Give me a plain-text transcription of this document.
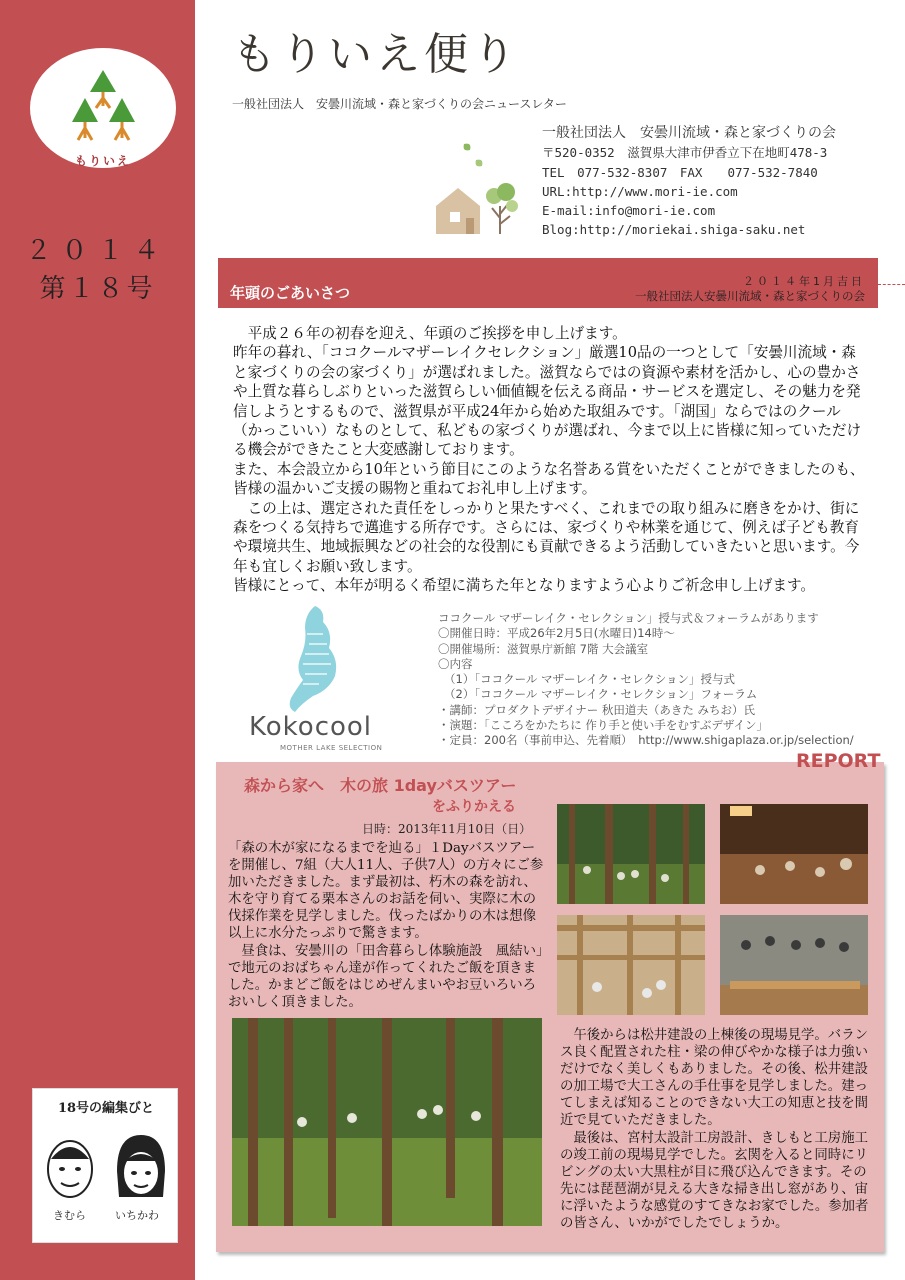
もりいえ
２０１４
第１８号
18号の編集びと
きむら	いちかわ
もりいえ便り
一般社団法人　安曇川流域・森と家づくりの会ニュースレター
一般社団法人　安曇川流域・森と家づくりの会
〒520-0352　滋賀県大津市伊香立下在地町478-3
TEL　077-532-8307　FAX　　077-532-7840
URL:http://www.mori-ie.com
E-mail:info@mori-ie.com
Blog:http://moriekai.shiga-saku.net
年頭のごあいさつ
２０１４年1月吉日
一般社団法人安曇川流域・森と家づくりの会

　平成２６年の初春を迎え、年頭のご挨拶を申し上げます。

昨年の暮れ、「ココクールマザーレイクセレクション」厳選10品の一つとして「安曇川流域・森と家づくりの会の家づくり」が選ばれました。滋賀ならではの資源や素材を活かし、心の豊かさや上質な暮らしぶりといった滋賀らしい価値観を伝える商品・サービスを選定し、その魅力を発信しようとするもので、滋賀県が平成24年から始めた取組みです。「湖国」ならではのクール（かっこいい）なものとして、私どもの家づくりが選ばれ、今まで以上に皆様に知っていただける機会ができたこと大変感謝しております。

また、本会設立から10年という節目にこのような名誉ある賞をいただくことができましたのも、皆様の温かいご支援の賜物と重ねてお礼申し上げます。

　この上は、選定された責任をしっかりと果たすべく、これまでの取り組みに磨きをかけ、街に森をつくる気持ちで邁進する所存です。さらには、家づくりや林業を通じて、例えば子ども教育や環境共生、地域振興などの社会的な役割にも貢献できるよう活動していきたいと思います。今年も宜しくお願い致します。

皆様にとって、本年が明るく希望に満ちた年となりますよう心よりご祈念申し上げます。

Kokocool
MOTHER LAKE SELECTION
ココクール マザーレイク・セレクション」授与式＆フォーラムがあります
〇開催日時：平成26年2月5日(水曜日)14時～
〇開催場所：滋賀県庁新館 7階 大会議室
〇内容
（1）「ココクール マザーレイク・セレクション」授与式
（2）「ココクール マザーレイク・セレクション」フォーラム
・講師：プロダクトデザイナー 秋田道夫（あきた みちお）氏
・演題：「こころをかたちに 作り手と使い手をむすぶデザイン」
・定員：200名（事前申込、先着順）　http://www.shigaplaza.or.jp/selection/
REPORT
森から家へ　木の旅 1dayバスツアー
をふりかえる
日時：2013年11月10日（日）

「森の木が家になるまでを辿る」１Dayバスツアーを開催し、7組（大人11人、子供7人）の方々にご参加いただきました。まず最初は、朽木の森を訪れ、木を守り育てる栗本さんのお話を伺い、実際に木の伐採作業を見学しました。伐ったばかりの木は想像以上に水分たっぷりで驚きます。

　昼食は、安曇川の「田舎暮らし体験施設　風結い」で地元のおばちゃん達が作ってくれたご飯を頂きました。かまどご飯をはじめぜんまいやお豆いろいろおいしく頂きました。

　午後からは松井建設の上棟後の現場見学。バランス良く配置された柱・梁の伸びやかな様子は力強いだけでなく美しくもありました。その後、松井建設の加工場で大工さんの手仕事を見学しました。建ってしまえば知ることのできない大工の知恵と技を間近で見ていただきました。

　最後は、宮村太設計工房設計、きしもと工房施工の竣工前の現場見学でした。玄関を入ると同時にリビングの太い大黒柱が目に飛び込んできます。その先には琵琶湖が見える大きな掃き出し窓があり、宙に浮いたような感覚のすてきなお家でした。参加者の皆さん、いかがでしたでしょうか。
